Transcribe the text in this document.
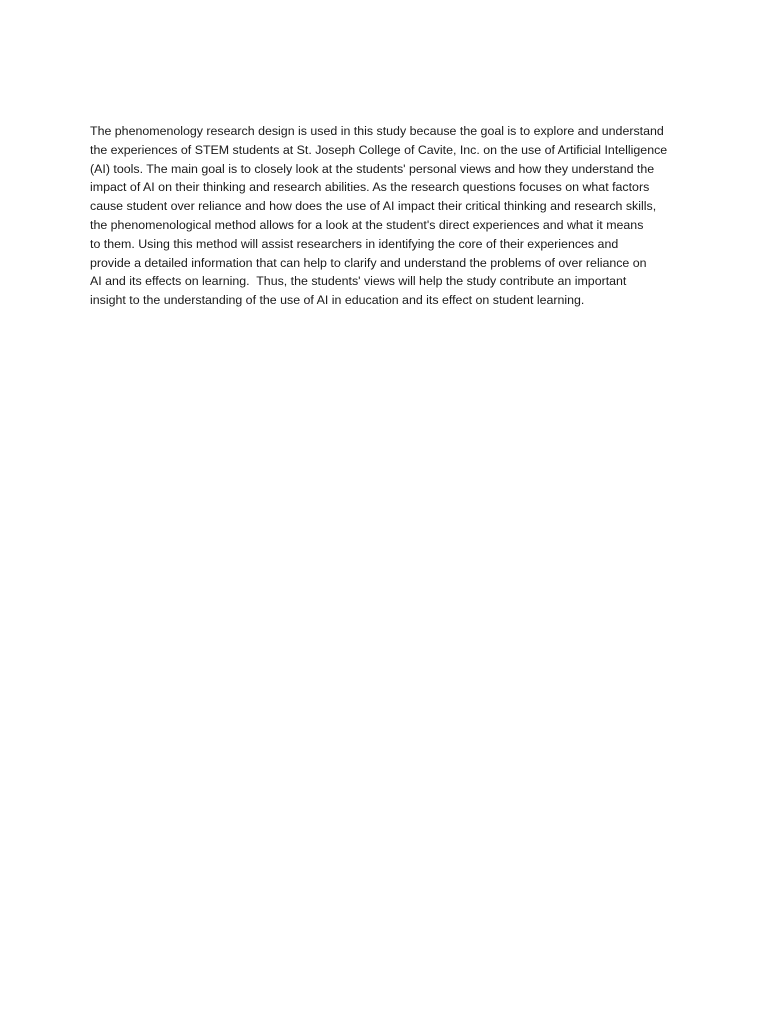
The phenomenology research design is used in this study because the goal is to explore and understand
the experiences of STEM students at St. Joseph College of Cavite, Inc. on the use of Artificial Intelligence
(AI) tools. The main goal is to closely look at the students' personal views and how they understand the
impact of AI on their thinking and research abilities. As the research questions focuses on what factors
cause student over reliance and how does the use of AI impact their critical thinking and research skills,
the phenomenological method allows for a look at the student's direct experiences and what it means
to them. Using this method will assist researchers in identifying the core of their experiences and
provide a detailed information that can help to clarify and understand the problems of over reliance on
AI and its effects on learning.  Thus, the students' views will help the study contribute an important
insight to the understanding of the use of AI in education and its effect on student learning.
